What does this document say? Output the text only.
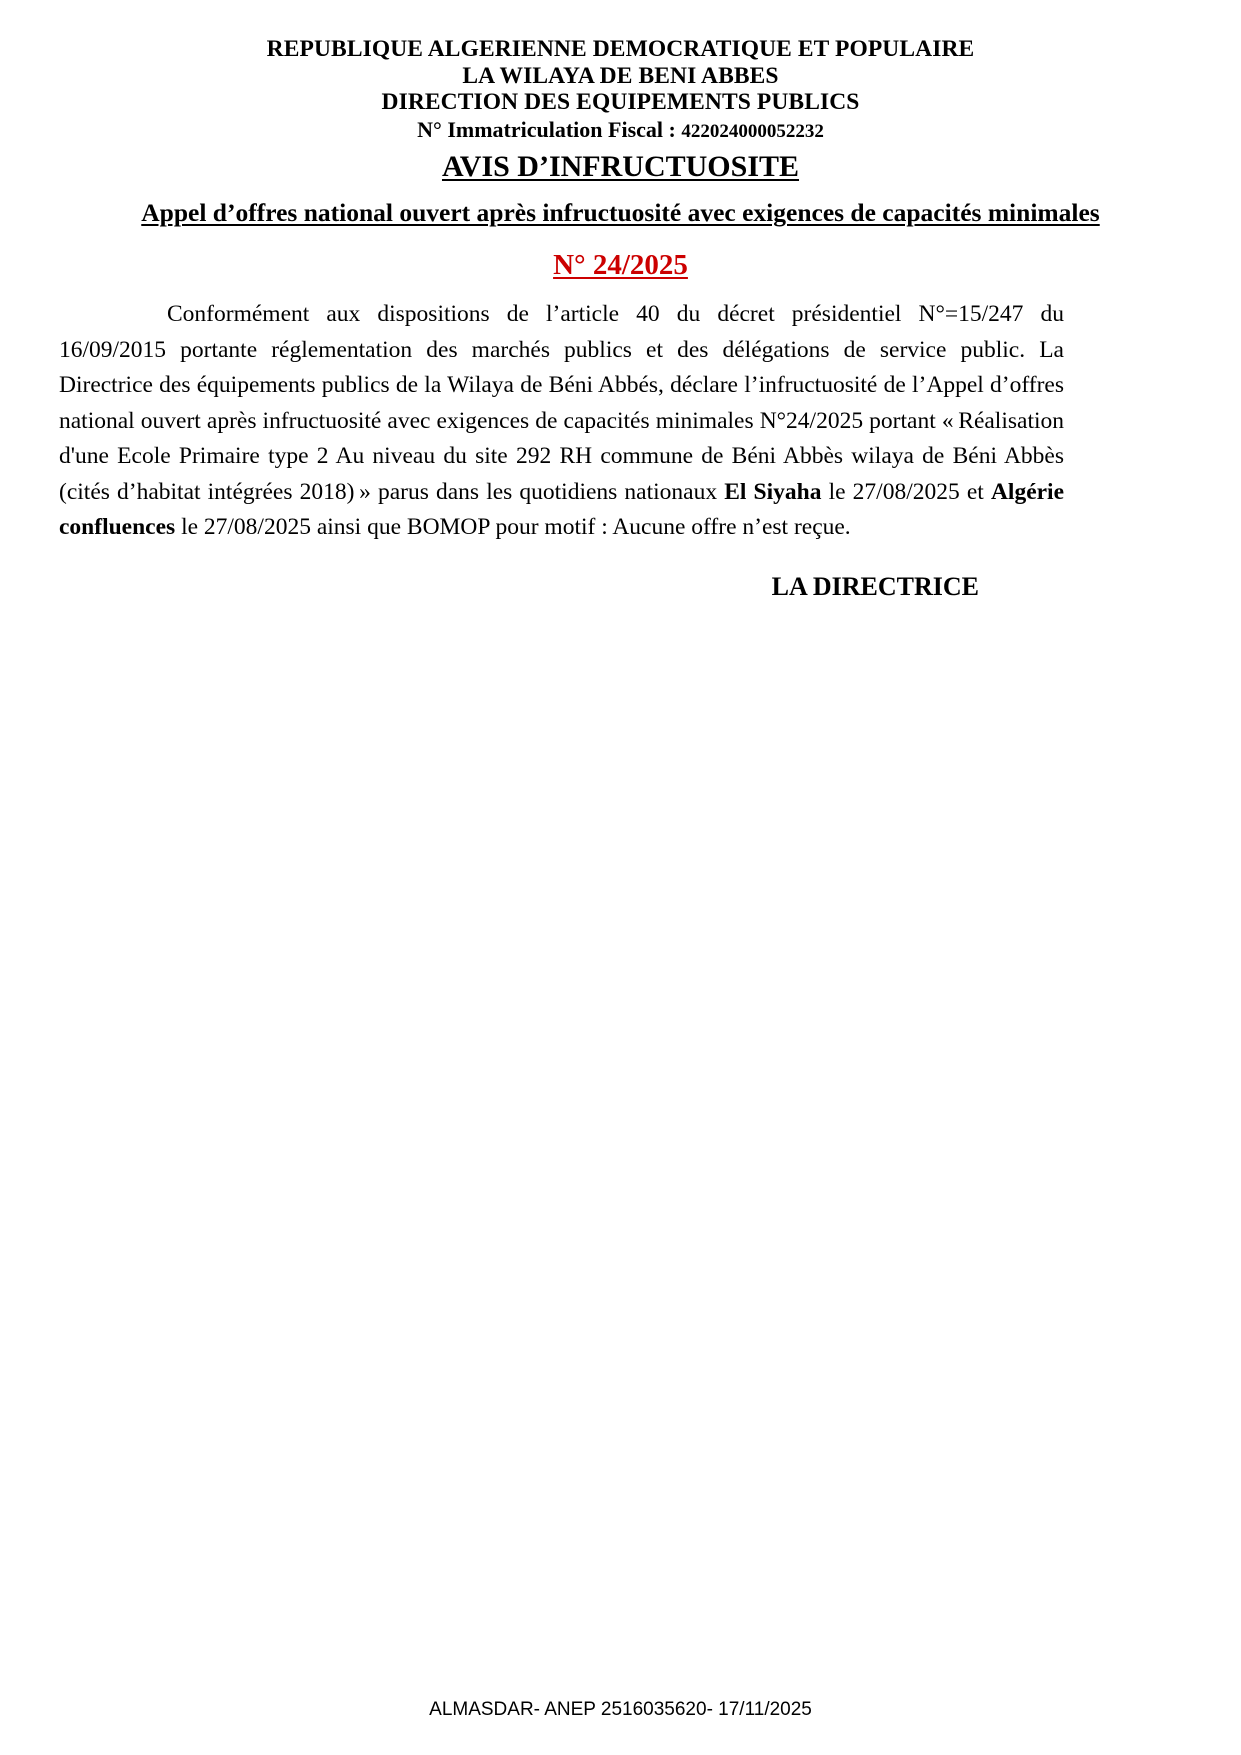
REPUBLIQUE ALGERIENNE DEMOCRATIQUE ET POPULAIRE
LA WILAYA DE BENI ABBES
DIRECTION DES EQUIPEMENTS PUBLICS
N° Immatriculation Fiscal : 422024000052232
AVIS D’INFRUCTUOSITE
Appel d’offres national ouvert après infructuosité avec exigences de capacités minimales
N° 24/2025
Conformément aux dispositions de l’article 40 du décret présidentiel N°=15/247 du 16/09/2015 portante réglementation des marchés publics et des délégations de service public. La Directrice des équipements publics de la Wilaya de Béni Abbés, déclare l’infructuosité de l’Appel d’offres national ouvert après infructuosité avec exigences de capacités minimales N°24/2025 portant « Réalisation d'une Ecole Primaire type 2 Au niveau du site 292 RH commune de Béni Abbès wilaya de Béni Abbès (cités d’habitat intégrées 2018) » parus dans les quotidiens nationaux El Siyaha le 27/08/2025 et Algérie confluences le 27/08/2025 ainsi que BOMOP pour motif : Aucune offre n’est reçue.
LA DIRECTRICE
ALMASDAR- ANEP 2516035620- 17/11/2025
